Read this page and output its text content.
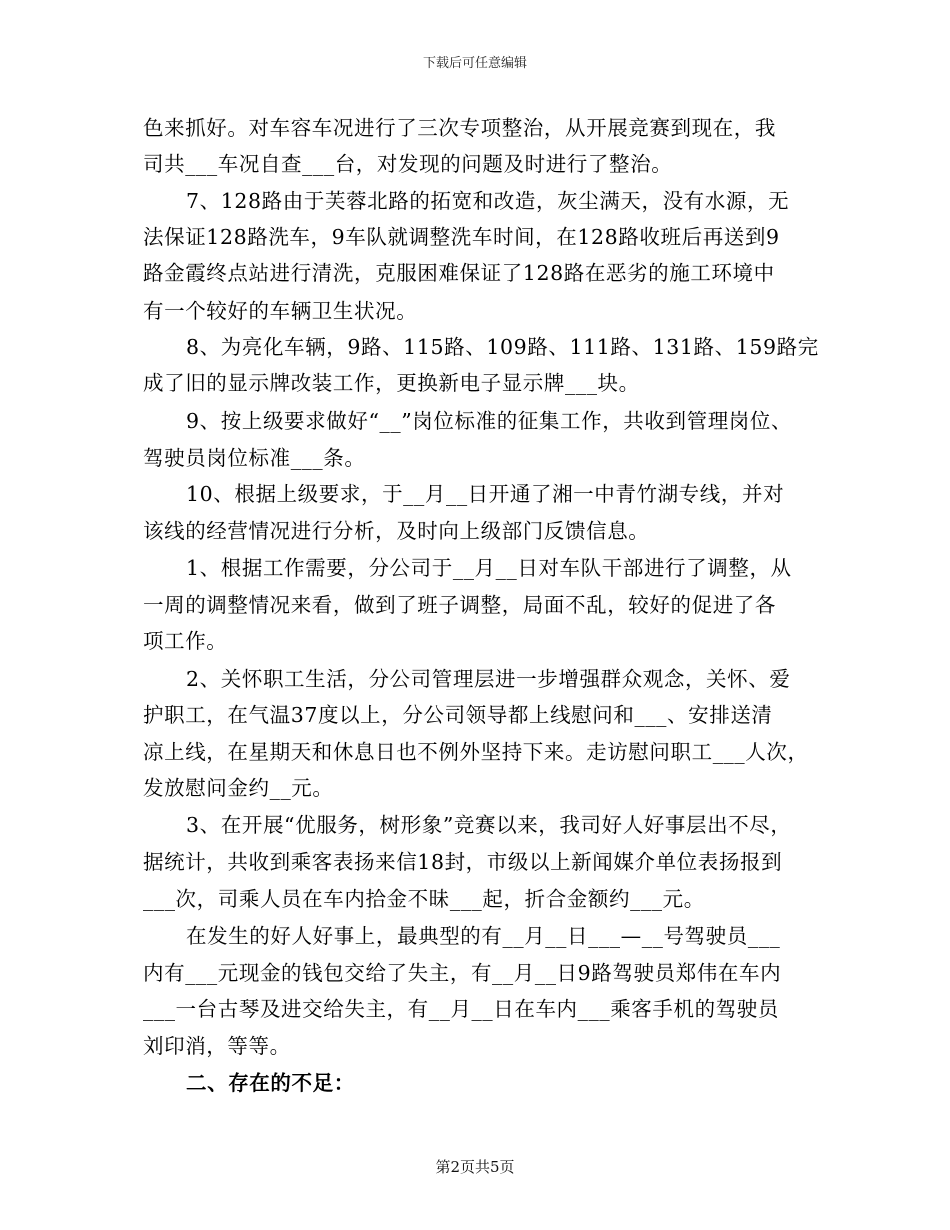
下载后可任意编辑
色来抓好。对车容车况进行了三次专项整治，从开展竞赛到现在，我
司共___车况自查___台，对发现的问题及时进行了整治。
7、128路由于芙蓉北路的拓宽和改造，灰尘满天，没有水源，无
法保证128路洗车，9车队就调整洗车时间，在128路收班后再送到9
路金霞终点站进行清洗，克服困难保证了128路在恶劣的施工环境中
有一个较好的车辆卫生状况。
8、为亮化车辆，9路、115路、109路、111路、131路、159路完
成了旧的显示牌改装工作，更换新电子显示牌___块。
9、按上级要求做好“__”岗位标准的征集工作，共收到管理岗位、
驾驶员岗位标准___条。
10、根据上级要求，于__月__日开通了湘一中青竹湖专线，并对
该线的经营情况进行分析，及时向上级部门反馈信息。
1、根据工作需要，分公司于__月__日对车队干部进行了调整，从
一周的调整情况来看，做到了班子调整，局面不乱，较好的促进了各
项工作。
2、关怀职工生活，分公司管理层进一步增强群众观念，关怀、爱
护职工，在气温37度以上，分公司领导都上线慰问和___、安排送清
凉上线，在星期天和休息日也不例外坚持下来。走访慰问职工___人次，
发放慰问金约__元。
3、在开展“优服务，树形象”竞赛以来，我司好人好事层出不尽，
据统计，共收到乘客表扬来信18封，市级以上新闻媒介单位表扬报到
___次，司乘人员在车内拾金不昧___起，折合金额约___元。
在发生的好人好事上，最典型的有__月__日___—__号驾驶员___
内有___元现金的钱包交给了失主，有__月__日9路驾驶员郑伟在车内
___一台古琴及进交给失主，有__月__日在车内___乘客手机的驾驶员
刘印消，等等。
二、存在的不足：
第2页共5页
